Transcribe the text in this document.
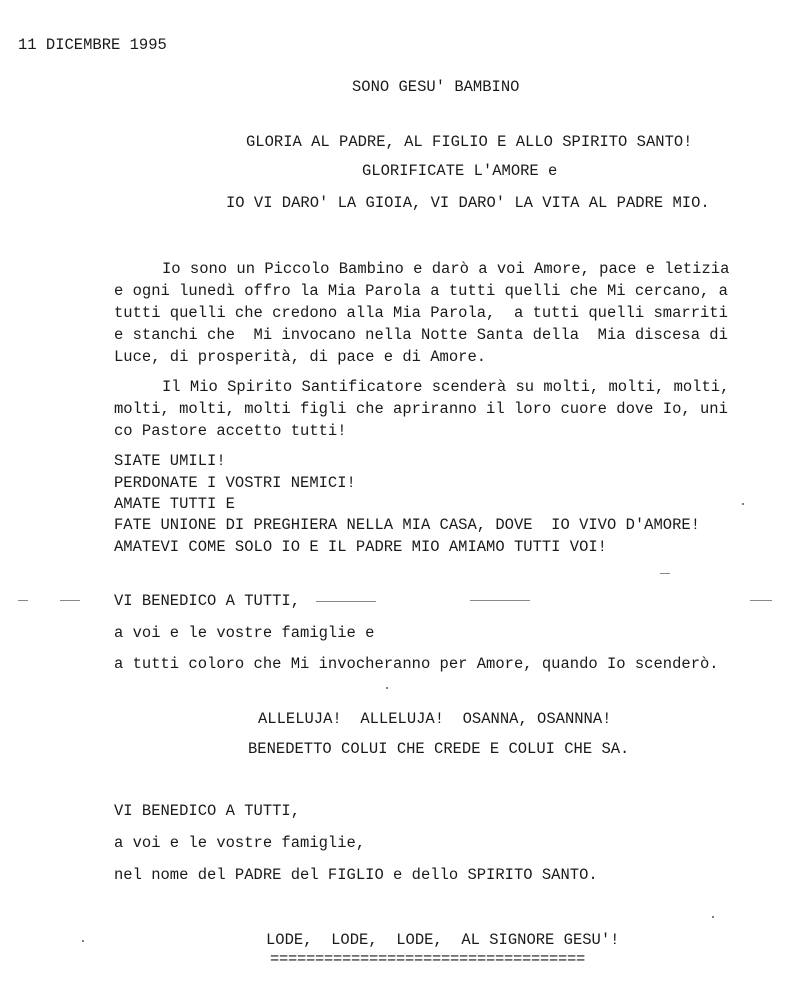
11 DICEMBRE 1995
SONO GESU' BAMBINO
GLORIA AL PADRE, AL FIGLIO E ALLO SPIRITO SANTO!
GLORIFICATE L'AMORE e
IO VI DARO' LA GIOIA, VI DARO' LA VITA AL PADRE MIO.
Io sono un Piccolo Bambino e darò a voi Amore, pace e letizia
e ogni lunedì offro la Mia Parola a tutti quelli che Mi cercano, a
tutti quelli che credono alla Mia Parola,  a tutti quelli smarriti
e stanchi che  Mi invocano nella Notte Santa della  Mia discesa di
Luce, di prosperità, di pace e di Amore.
Il Mio Spirito Santificatore scenderà su molti, molti, molti,
molti, molti, molti figli che apriranno il loro cuore dove Io, uni
co Pastore accetto tutti!
SIATE UMILI!
PERDONATE I VOSTRI NEMICI!
AMATE TUTTI E
FATE UNIONE DI PREGHIERA NELLA MIA CASA, DOVE  IO VIVO D'AMORE!
AMATEVI COME SOLO IO E IL PADRE MIO AMIAMO TUTTI VOI!
VI BENEDICO A TUTTI,
a voi e le vostre famiglie e
a tutti coloro che Mi invocheranno per Amore, quando Io scenderò.
ALLELUJA!  ALLELUJA!  OSANNA, OSANNNA!
BENEDETTO COLUI CHE CREDE E COLUI CHE SA.
VI BENEDICO A TUTTI,
a voi e le vostre famiglie,
nel nome del PADRE del FIGLIO e dello SPIRITO SANTO.
LODE,  LODE,  LODE,  AL SIGNORE GESU'!
===================================
